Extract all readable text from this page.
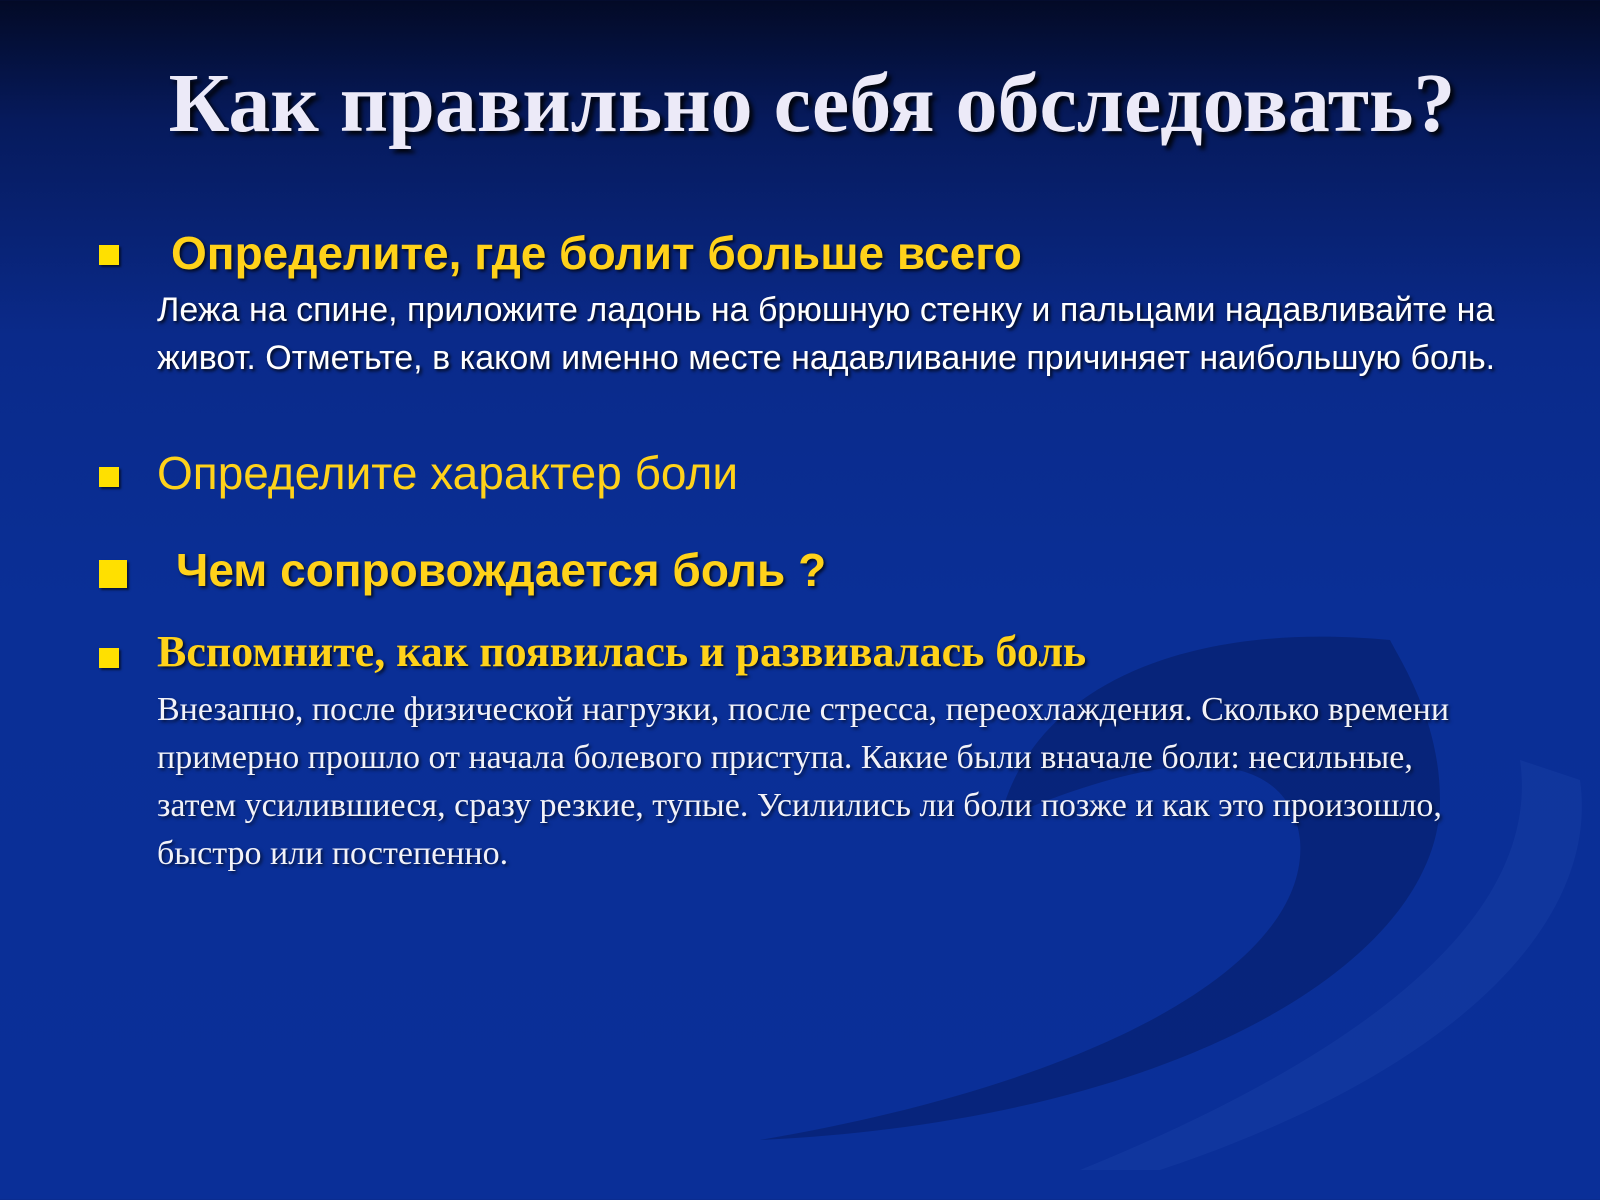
Как правильно себя обследовать?
Определите, где болит больше всего

Лежа на спине, приложите ладонь на брюшную стенку и пальцами надавливайте на живот. Отметьте, в каком именно месте надавливание причиняет наибольшую боль.

Определите характер боли
Чем сопровождается боль ?
Вспомните, как появилась и развивалась боль

Внезапно, после физической нагрузки, после стресса, переохлаждения. Сколько времени примерно прошло от начала болевого приступа. Какие были вначале боли: несильные, затем усилившиеся, сразу резкие, тупые. Усилились ли боли позже и как это произошло, быстро или постепенно.
